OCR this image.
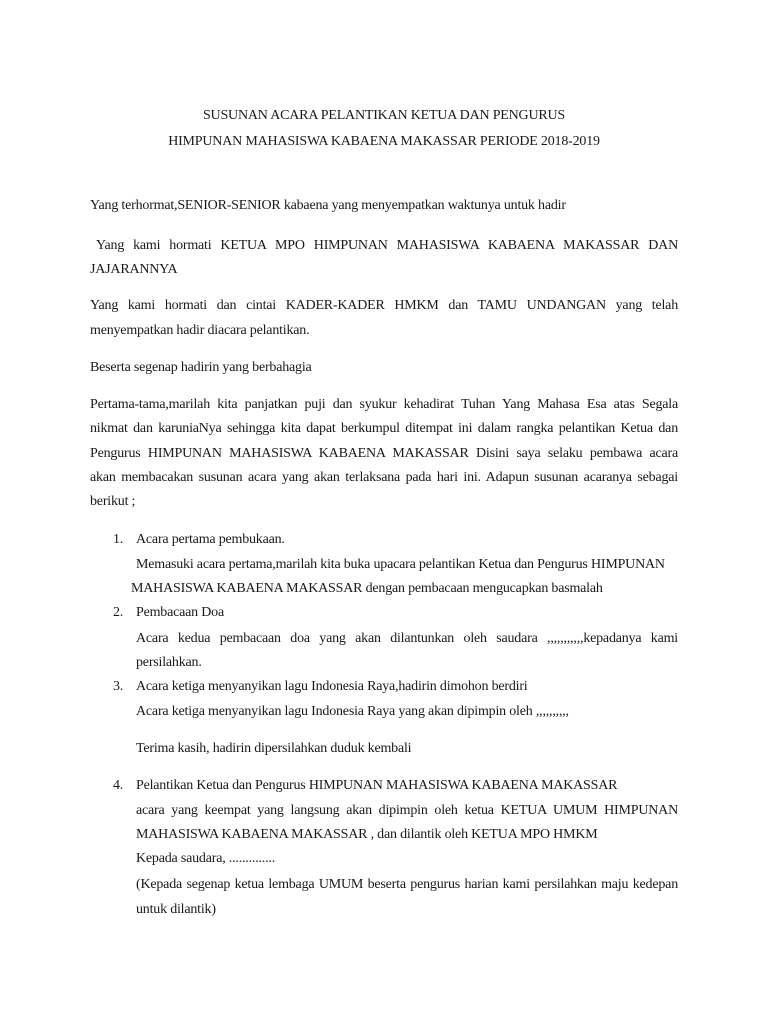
SUSUNAN ACARA PELANTIKAN KETUA DAN PENGURUS
HIMPUNAN MAHASISWA KABAENA MAKASSAR PERIODE 2018-2019
Yang terhormat,SENIOR-SENIOR kabaena yang menyempatkan waktunya untuk hadir
Yang kami hormati KETUA MPO HIMPUNAN MAHASISWA KABAENA MAKASSAR DAN
JAJARANNYA
Yang kami hormati dan cintai KADER-KADER HMKM dan TAMU UNDANGAN yang telah
menyempatkan hadir diacara pelantikan.
Beserta segenap hadirin yang berbahagia
Pertama-tama,marilah kita panjatkan puji dan syukur kehadirat Tuhan Yang Mahasa Esa atas Segala
nikmat dan karuniaNya sehingga kita dapat berkumpul ditempat ini dalam rangka pelantikan Ketua dan
Pengurus HIMPUNAN MAHASISWA KABAENA MAKASSAR Disini saya selaku pembawa acara
akan membacakan susunan acara yang akan terlaksana pada hari ini. Adapun susunan acaranya sebagai
berikut ;
1. Acara pertama pembukaan.
Memasuki acara pertama,marilah kita buka upacara pelantikan Ketua dan Pengurus HIMPUNAN
MAHASISWA KABAENA MAKASSAR dengan pembacaan mengucapkan basmalah
2. Pembacaan Doa
Acara kedua pembacaan doa yang akan dilantunkan oleh saudara ,,,,,,,,,,,kepadanya kami
persilahkan.
3. Acara ketiga menyanyikan lagu Indonesia Raya,hadirin dimohon berdiri
Acara ketiga menyanyikan lagu Indonesia Raya yang akan dipimpin oleh ,,,,,,,,,,
Terima kasih, hadirin dipersilahkan duduk kembali
4. Pelantikan Ketua dan Pengurus HIMPUNAN MAHASISWA KABAENA MAKASSAR
acara yang keempat yang langsung akan dipimpin oleh ketua KETUA UMUM HIMPUNAN
MAHASISWA KABAENA MAKASSAR , dan dilantik oleh KETUA MPO HMKM
Kepada saudara, ..............
(Kepada segenap ketua lembaga UMUM beserta pengurus harian kami persilahkan maju kedepan
untuk dilantik)
